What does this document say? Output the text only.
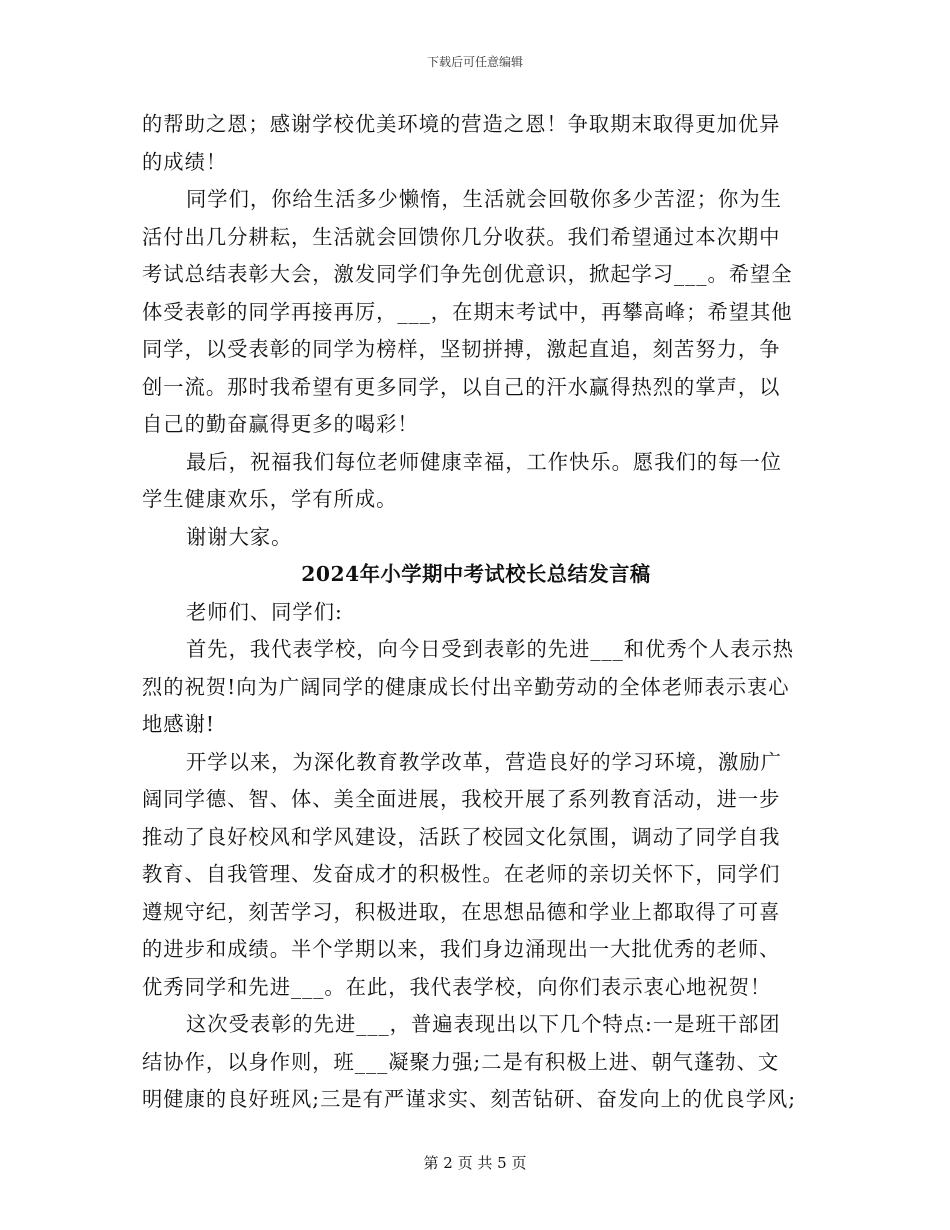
下载后可任意编辑
的帮助之恩；感谢学校优美环境的营造之恩！争取期末取得更加优异
的成绩！
同学们，你给生活多少懒惰，生活就会回敬你多少苦涩；你为生
活付出几分耕耘，生活就会回馈你几分收获。我们希望通过本次期中
考试总结表彰大会，激发同学们争先创优意识，掀起学习___。希望全
体受表彰的同学再接再厉，___，在期末考试中，再攀高峰；希望其他
同学，以受表彰的同学为榜样，坚韧拼搏，激起直追，刻苦努力，争
创一流。那时我希望有更多同学，以自己的汗水赢得热烈的掌声，以
自己的勤奋赢得更多的喝彩！
最后，祝福我们每位老师健康幸福，工作快乐。愿我们的每一位
学生健康欢乐，学有所成。
谢谢大家。
2024年小学期中考试校长总结发言稿
老师们、同学们:
首先，我代表学校，向今日受到表彰的先进___和优秀个人表示热
烈的祝贺!向为广阔同学的健康成长付出辛勤劳动的全体老师表示衷心
地感谢!
开学以来，为深化教育教学改革，营造良好的学习环境，激励广
阔同学德、智、体、美全面进展，我校开展了系列教育活动，进一步
推动了良好校风和学风建设，活跃了校园文化氛围，调动了同学自我
教育、自我管理、发奋成才的积极性。在老师的亲切关怀下，同学们
遵规守纪，刻苦学习，积极进取，在思想品德和学业上都取得了可喜
的进步和成绩。半个学期以来，我们身边涌现出一大批优秀的老师、
优秀同学和先进___。在此，我代表学校，向你们表示衷心地祝贺！
这次受表彰的先进___，普遍表现出以下几个特点:一是班干部团
结协作，以身作则，班___凝聚力强;二是有积极上进、朝气蓬勃、文
明健康的良好班风;三是有严谨求实、刻苦钻研、奋发向上的优良学风;
第 2 页 共 5 页
